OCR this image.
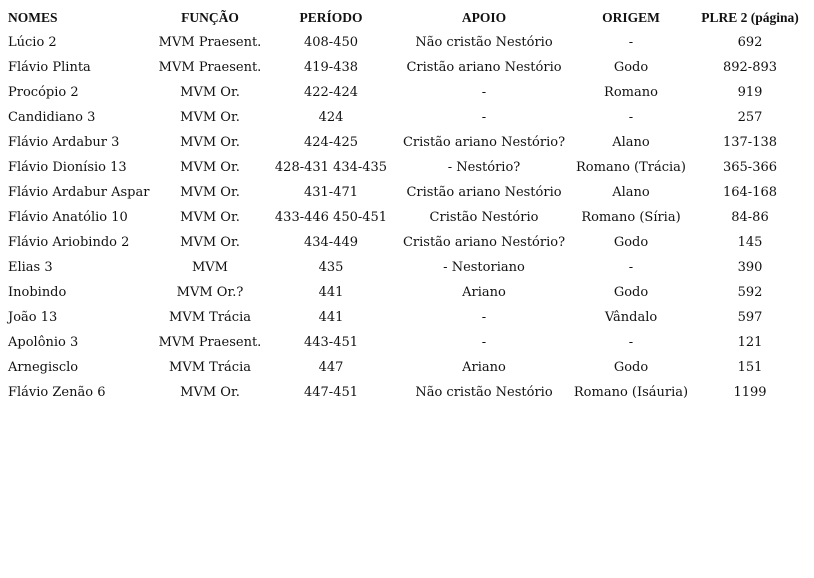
NOMES	FUNÇÃO	PERÍODO	APOIO	ORIGEM	PLRE 2 (página)
Lúcio 2	MVM Praesent.	408-450	Não cristão Nestório	-	692
Flávio Plinta	MVM Praesent.	419-438	Cristão ariano Nestório	Godo	892-893
Procópio 2	MVM Or.	422-424	-	Romano	919
Candidiano 3	MVM Or.	424	-	-	257
Flávio Ardabur 3	MVM Or.	424-425	Cristão ariano Nestório?	Alano	137-138
Flávio Dionísio 13	MVM Or.	428-431 434-435	- Nestório?	Romano (Trácia)	365-366
Flávio Ardabur Aspar	MVM Or.	431-471	Cristão ariano Nestório	Alano	164-168
Flávio Anatólio 10	MVM Or.	433-446 450-451	Cristão Nestório	Romano (Síria)	84-86
Flávio Ariobindo 2	MVM Or.	434-449	Cristão ariano Nestório?	Godo	145
Elias 3	MVM	435	- Nestoriano	-	390
Inobindo	MVM Or.?	441	Ariano	Godo	592
João 13	MVM Trácia	441	-	Vândalo	597
Apolônio 3	MVM Praesent.	443-451	-	-	121
Arnegisclo	MVM Trácia	447	Ariano	Godo	151
Flávio Zenão 6	MVM Or.	447-451	Não cristão Nestório	Romano (Isáuria)	1199
